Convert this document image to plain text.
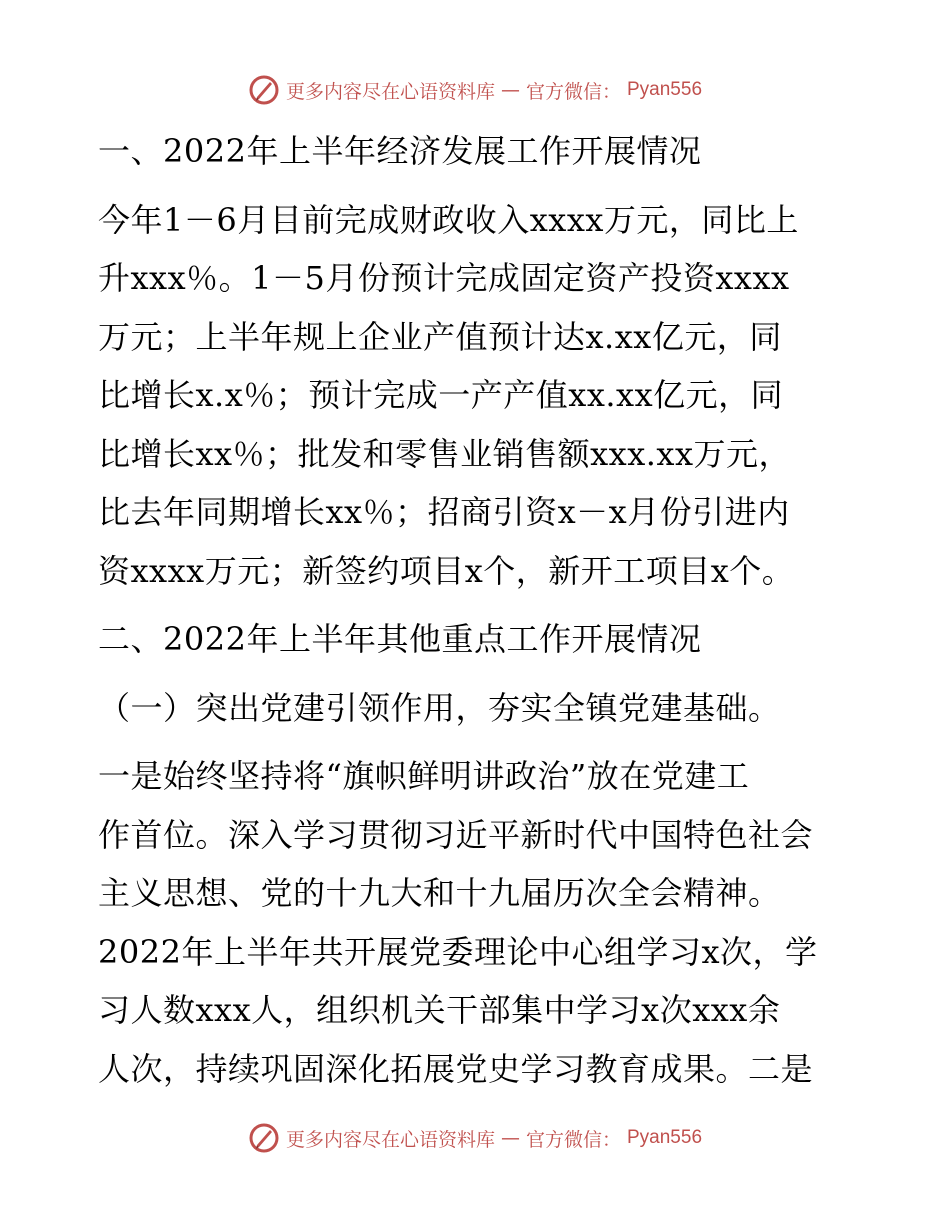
更多内容尽在心语资料库 — 官方微信： Pyan556
一、2022年上半年经济发展工作开展情况
今年1－6月目前完成财政收入xxxx万元，同比上
升xxx％。1－5月份预计完成固定资产投资xxxx
万元；上半年规上企业产值预计达x.xx亿元，同
比增长x.x％；预计完成一产产值xx.xx亿元，同
比增长xx％；批发和零售业销售额xxx.xx万元，
比去年同期增长xx％；招商引资x－x月份引进内
资xxxx万元；新签约项目x个，新开工项目x个。
二、2022年上半年其他重点工作开展情况
（一）突出党建引领作用，夯实全镇党建基础。
一是始终坚持将“旗帜鲜明讲政治”放在党建工
作首位。深入学习贯彻习近平新时代中国特色社会
主义思想、党的十九大和十九届历次全会精神。
2022年上半年共开展党委理论中心组学习x次，学
习人数xxx人，组织机关干部集中学习x次xxx余
人次，持续巩固深化拓展党史学习教育成果。二是
更多内容尽在心语资料库 — 官方微信： Pyan556
